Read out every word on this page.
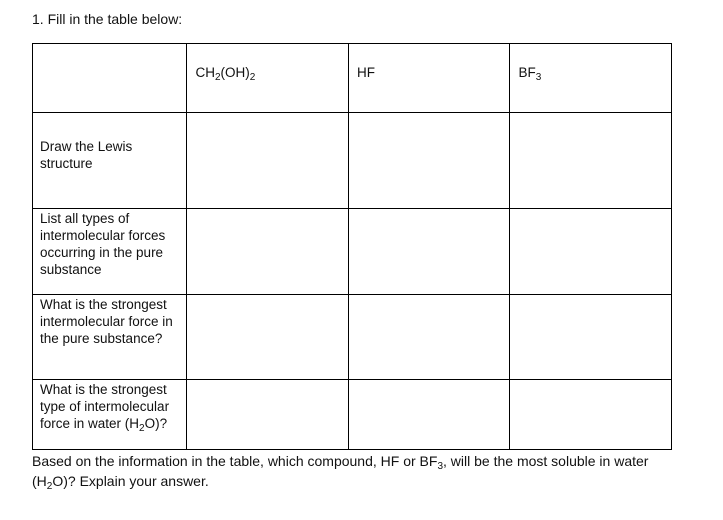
1. Fill in the table below:

	$CH_2(OH)_2$	HF	$BF_3$

Draw the Lewis structure			

List all types of intermolecular forces occurring in the pure substance			

What is the strongest intermolecular force in the pure substance?			

What is the strongest type of intermolecular force in water $(H_2O)$?			

Based on the information in the table, which compound, HF or $BF_3$, will be the most soluble in water $(H_2O)$? Explain your answer.
